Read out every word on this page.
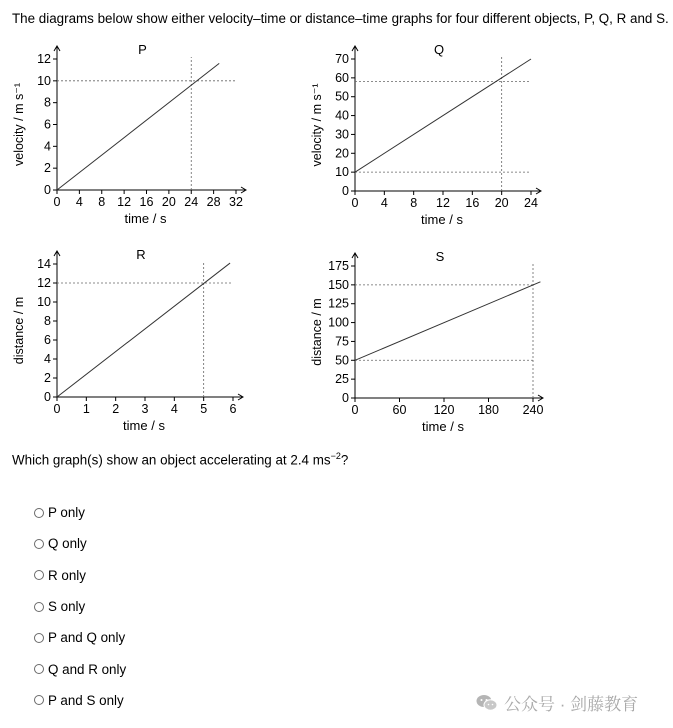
The diagrams below show either velocity–time or distance–time graphs for four different objects, P, Q, R and S.
0
2
4
6
8
10
12
0 4 8 12 16 20 24 28 32
P
time / s
velocity / m s⁻¹
0
10
20
30
40
50
60
70
0 4 8 12 16 20 24
Q
time / s
velocity / m s⁻¹
0
2
4
6
8
10
12
14
0 1 2 3 4 5 6
R
time / s
distance / m
0
25
50
75
100
125
150
175
0	60 120 180 240
S
time / s
distance / m
Which graph(s) show an object accelerating at 2.4 $ms^{-2}$?
P only
Q only
R only
S only
P and Q only
Q and R only
P and S only	公众号 · 剑藤教育
